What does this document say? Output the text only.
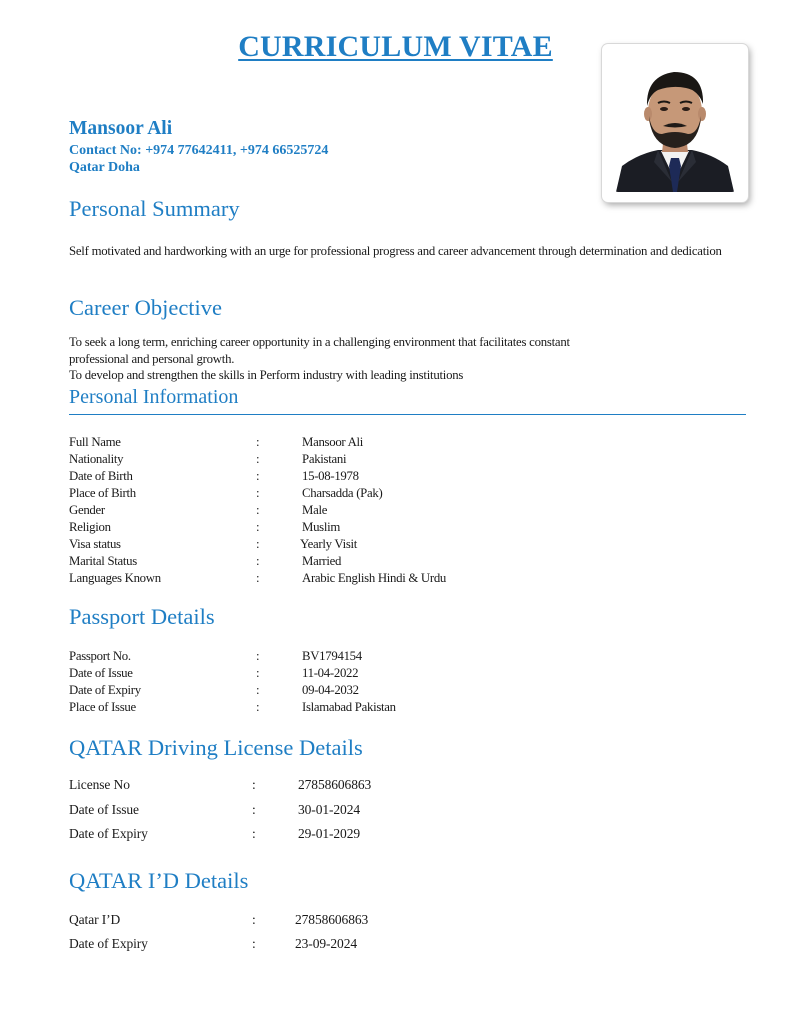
CURRICULUM VITAE
Mansoor Ali
Contact No: +974 77642411, +974 66525724
Qatar Doha
Personal Summary
Self motivated and hardworking with an urge for professional progress and career advancement through determination and dedication
Career Objective
To seek a long term, enriching career opportunity in a challenging environment that facilitates constant
professional and personal growth.
To develop and strengthen the skills in Perform industry with leading institutions
Personal Information
Full Name	:	Mansoor Ali
Nationality	:	Pakistani
Date of Birth	:	15-08-1978
Place of Birth	:	Charsadda (Pak)
Gender	:	Male
Religion	:	Muslim
Visa status	:	Yearly Visit
Marital Status	:	Married
Languages Known	:	Arabic English Hindi & Urdu
Passport Details
Passport No.	:	BV1794154
Date of Issue	:	11-04-2022
Date of Expiry	:	09-04-2032
Place of Issue	:	Islamabad Pakistan
QATAR Driving License Details
License No	:	27858606863
Date of Issue	:	30-01-2024
Date of Expiry	:	29-01-2029
QATAR I’D Details
Qatar I’D	:	27858606863
Date of Expiry	:	23-09-2024
